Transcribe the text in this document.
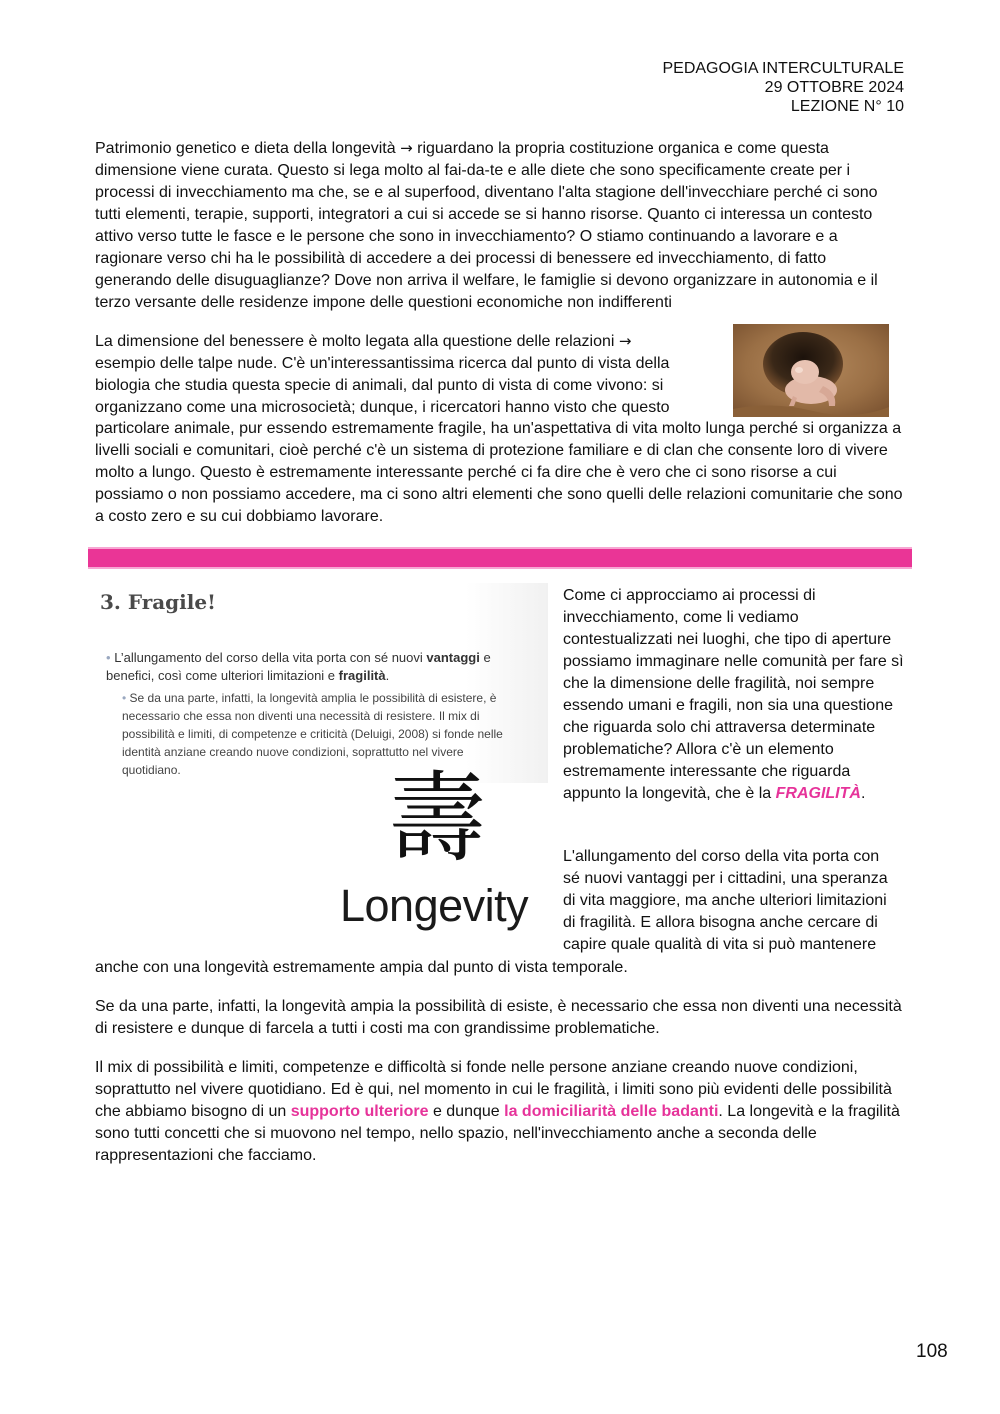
PEDAGOGIA INTERCULTURALE
29 OTTOBRE 2024
LEZIONE N° 10

Patrimonio genetico e dieta della longevità → riguardano la propria costituzione organica e come questa dimensione viene curata. Questo si lega molto al fai-da-te e alle diete che sono specificamente create per i processi di invecchiamento ma che, se e al superfood, diventano l'alta stagione dell'invecchiare perché ci sono tutti elementi, terapie, supporti, integratori a cui si accede se si hanno risorse. Quanto ci interessa un contesto attivo verso tutte le fasce e le persone che sono in invecchiamento? O stiamo continuando a lavorare e a ragionare verso chi ha le possibilità di accedere a dei processi di benessere ed invecchiamento, di fatto generando delle disuguaglianze? Dove non arriva il welfare, le famiglie si devono organizzare in autonomia e il terzo versante delle residenze impone delle questioni economiche non indifferenti

La dimensione del benessere è molto legata alla questione delle relazioni →
esempio delle talpe nude. C'è un'interessantissima ricerca dal punto di vista della
biologia che studia questa specie di animali, dal punto di vista di come vivono: si
organizzano come una microsocietà; dunque, i ricercatori hanno visto che questo

particolare animale, pur essendo estremamente fragile, ha un'aspettativa di vita molto lunga perché si organizza a livelli sociali e comunitari, cioè perché c'è un sistema di protezione familiare e di clan che consente loro di vivere molto a lungo. Questo è estremamente interessante perché ci fa dire che è vero che ci sono risorse a cui possiamo o non possiamo accedere, ma ci sono altri elementi che sono quelli delle relazioni comunitarie che sono a costo zero e su cui dobbiamo lavorare.

3. Fragile!
• L’allungamento del corso della vita porta con sé nuovi vantaggi e benefici, così come ulteriori limitazioni e fragilità.
• Se da una parte, infatti, la longevità amplia le possibilità di esistere, è necessario che essa non diventi una necessità di resistere. Il mix di possibilità e limiti, di competenze e criticità (Deluigi, 2008) si fonde nelle identità anziane creando nuove condizioni, soprattutto nel vivere quotidiano.	壽
Longevity

Come ci approcciamo ai processi di invecchiamento, come li vediamo contestualizzati nei luoghi, che tipo di aperture possiamo immaginare nelle comunità per fare sì che la dimensione delle fragilità, noi sempre essendo umani e fragili, non sia una questione che riguarda solo chi attraversa determinate problematiche? Allora c'è un elemento estremamente interessante che riguarda appunto la longevità, che è la FRAGILITÀ.

L'allungamento del corso della vita porta con
sé nuovi vantaggi per i cittadini, una speranza
di vita maggiore, ma anche ulteriori limitazioni
di fragilità. E allora bisogna anche cercare di
capire quale qualità di vita si può mantenere
anche con una longevità estremamente ampia dal punto di vista temporale.

Se da una parte, infatti, la longevità ampia la possibilità di esiste, è necessario che essa non diventi una necessità di resistere e dunque di farcela a tutti i costi ma con grandissime problematiche.

Il mix di possibilità e limiti, competenze e difficoltà si fonde nelle persone anziane creando nuove condizioni, soprattutto nel vivere quotidiano. Ed è qui, nel momento in cui le fragilità, i limiti sono più evidenti delle possibilità che abbiamo bisogno di un supporto ulteriore e dunque la domiciliarità delle badanti. La longevità e la fragilità sono tutti concetti che si muovono nel tempo, nello spazio, nell'invecchiamento anche a seconda delle rappresentazioni che facciamo.

108
